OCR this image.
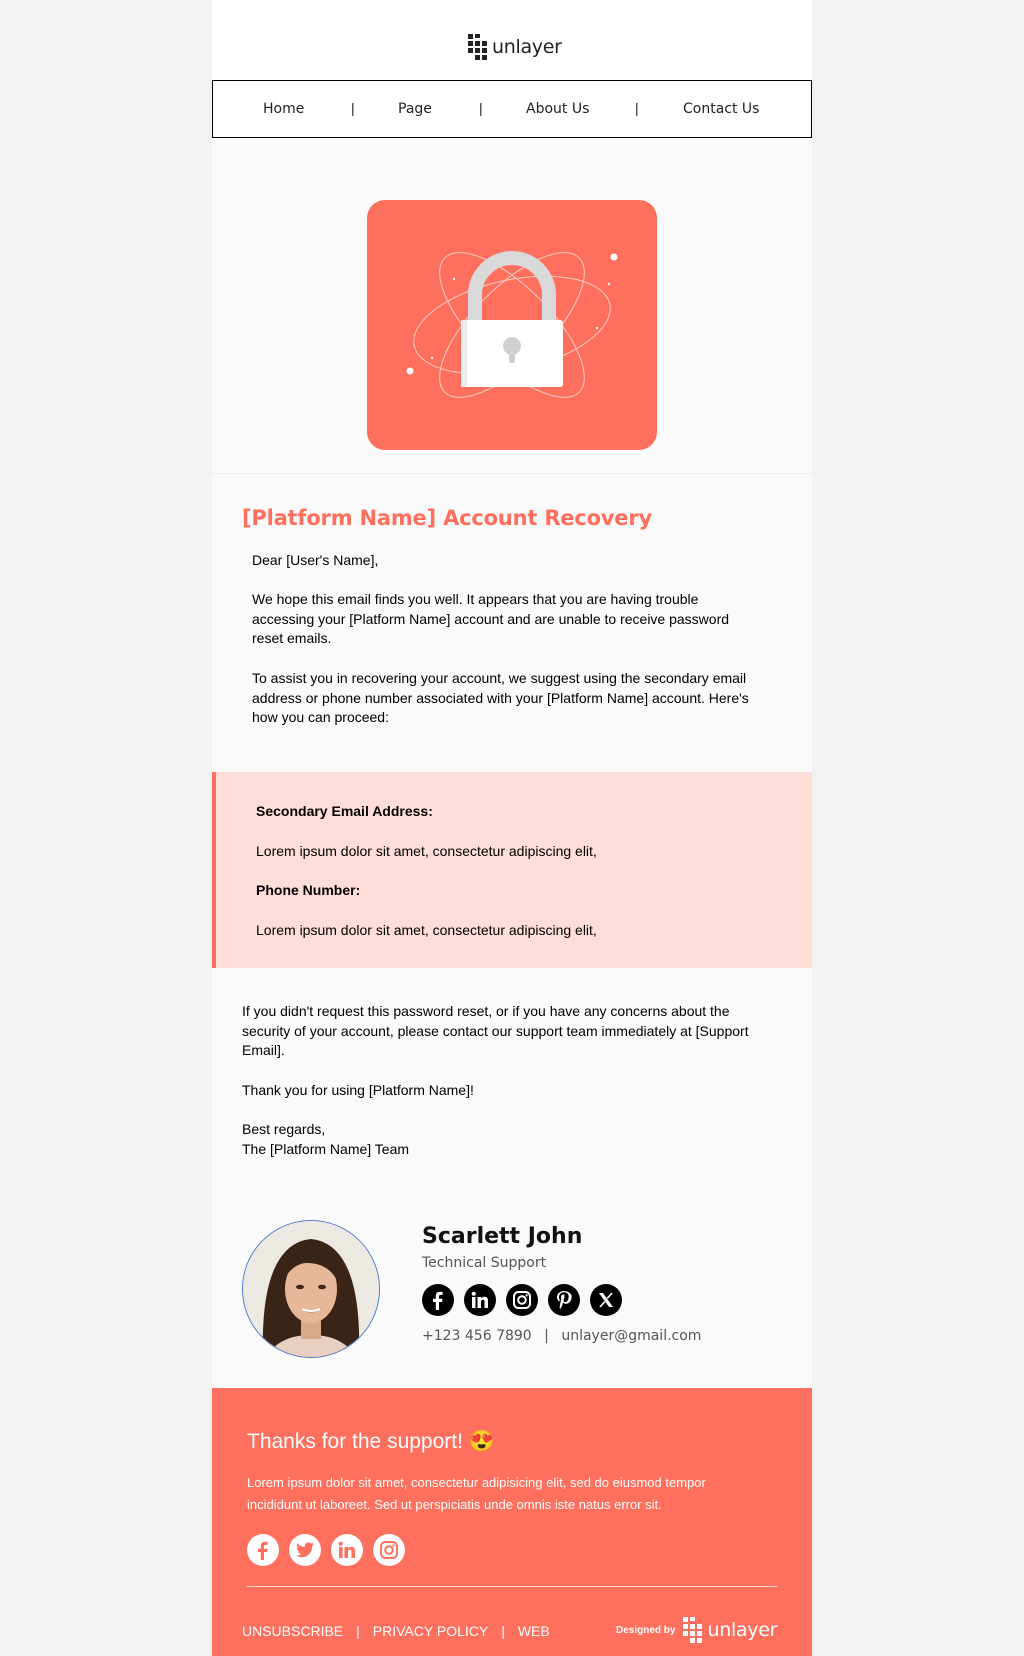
unlayer
Home	|	Page	|	About Us	|	Contact Us
[Platform Name] Account Recovery

Dear [User's Name],

We hope this email finds you well. It appears that you are having trouble accessing your [Platform Name] account and are unable to receive password reset emails.

To assist you in recovering your account, we suggest using the secondary email address or phone number associated with your [Platform Name] account. Here's how you can proceed:

Secondary Email Address:

Lorem ipsum dolor sit amet, consectetur adipiscing elit,

Phone Number:

Lorem ipsum dolor sit amet, consectetur adipiscing elit,

If you didn't request this password reset, or if you have any concerns about the security of your account, please contact our support team immediately at [Support Email].

Thank you for using [Platform Name]!

Best regards,

The [Platform Name] Team

Scarlett John
Technical Support
+123 456 7890 | unlayer@gmail.com
Thanks for the support! 😍

Lorem ipsum dolor sit amet, consectetur adipisicing elit, sed do eiusmod tempor incididunt ut laboreet. Sed ut perspiciatis unde omnis iste natus error sit.

UNSUBSCRIBE | PRIVACY POLICY | WEB	Designed by unlayer
